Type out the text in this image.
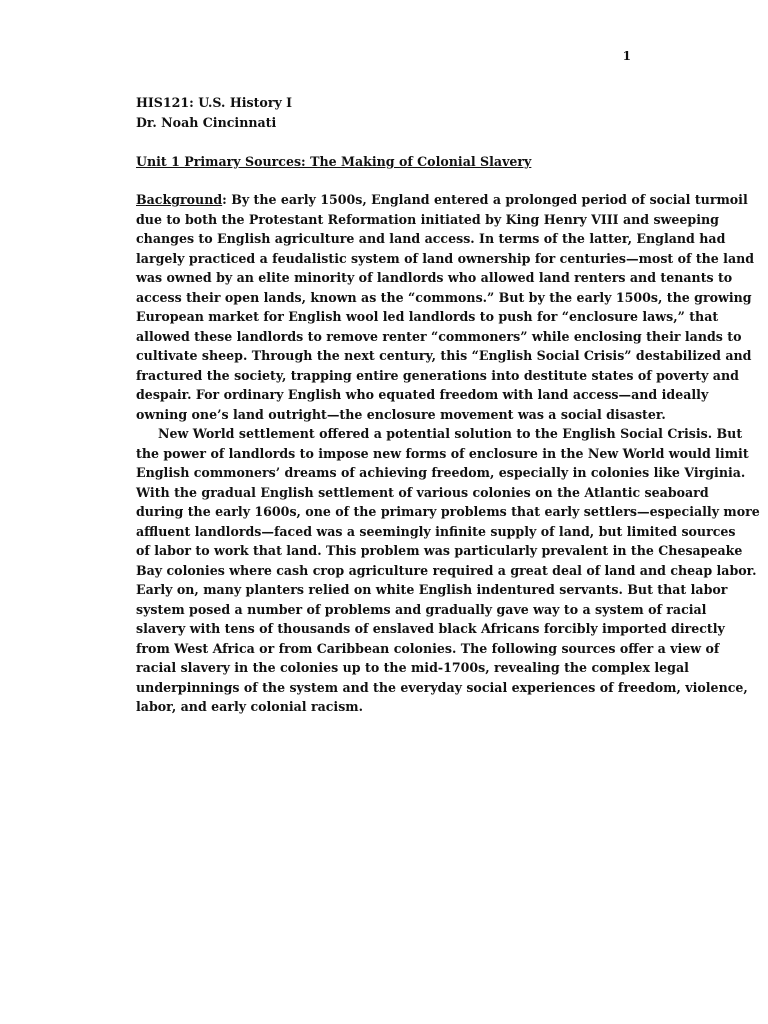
1
HIS121: U.S. History I
Dr. Noah Cincinnati
Unit 1 Primary Sources: The Making of Colonial Slavery
Background: By the early 1500s, England entered a prolonged period of social turmoil
due to both the Protestant Reformation initiated by King Henry VIII and sweeping
changes to English agriculture and land access. In terms of the latter, England had
largely practiced a feudalistic system of land ownership for centuries—most of the land
was owned by an elite minority of landlords who allowed land renters and tenants to
access their open lands, known as the “commons.” But by the early 1500s, the growing
European market for English wool led landlords to push for “enclosure laws,” that
allowed these landlords to remove renter “commoners” while enclosing their lands to
cultivate sheep. Through the next century, this “English Social Crisis” destabilized and
fractured the society, trapping entire generations into destitute states of poverty and
despair. For ordinary English who equated freedom with land access—and ideally
owning one’s land outright—the enclosure movement was a social disaster.
New World settlement offered a potential solution to the English Social Crisis. But
the power of landlords to impose new forms of enclosure in the New World would limit
English commoners’ dreams of achieving freedom, especially in colonies like Virginia.
With the gradual English settlement of various colonies on the Atlantic seaboard
during the early 1600s, one of the primary problems that early settlers—especially more
affluent landlords—faced was a seemingly infinite supply of land, but limited sources
of labor to work that land. This problem was particularly prevalent in the Chesapeake
Bay colonies where cash crop agriculture required a great deal of land and cheap labor.
Early on, many planters relied on white English indentured servants. But that labor
system posed a number of problems and gradually gave way to a system of racial
slavery with tens of thousands of enslaved black Africans forcibly imported directly
from West Africa or from Caribbean colonies. The following sources offer a view of
racial slavery in the colonies up to the mid-1700s, revealing the complex legal
underpinnings of the system and the everyday social experiences of freedom, violence,
labor, and early colonial racism.
